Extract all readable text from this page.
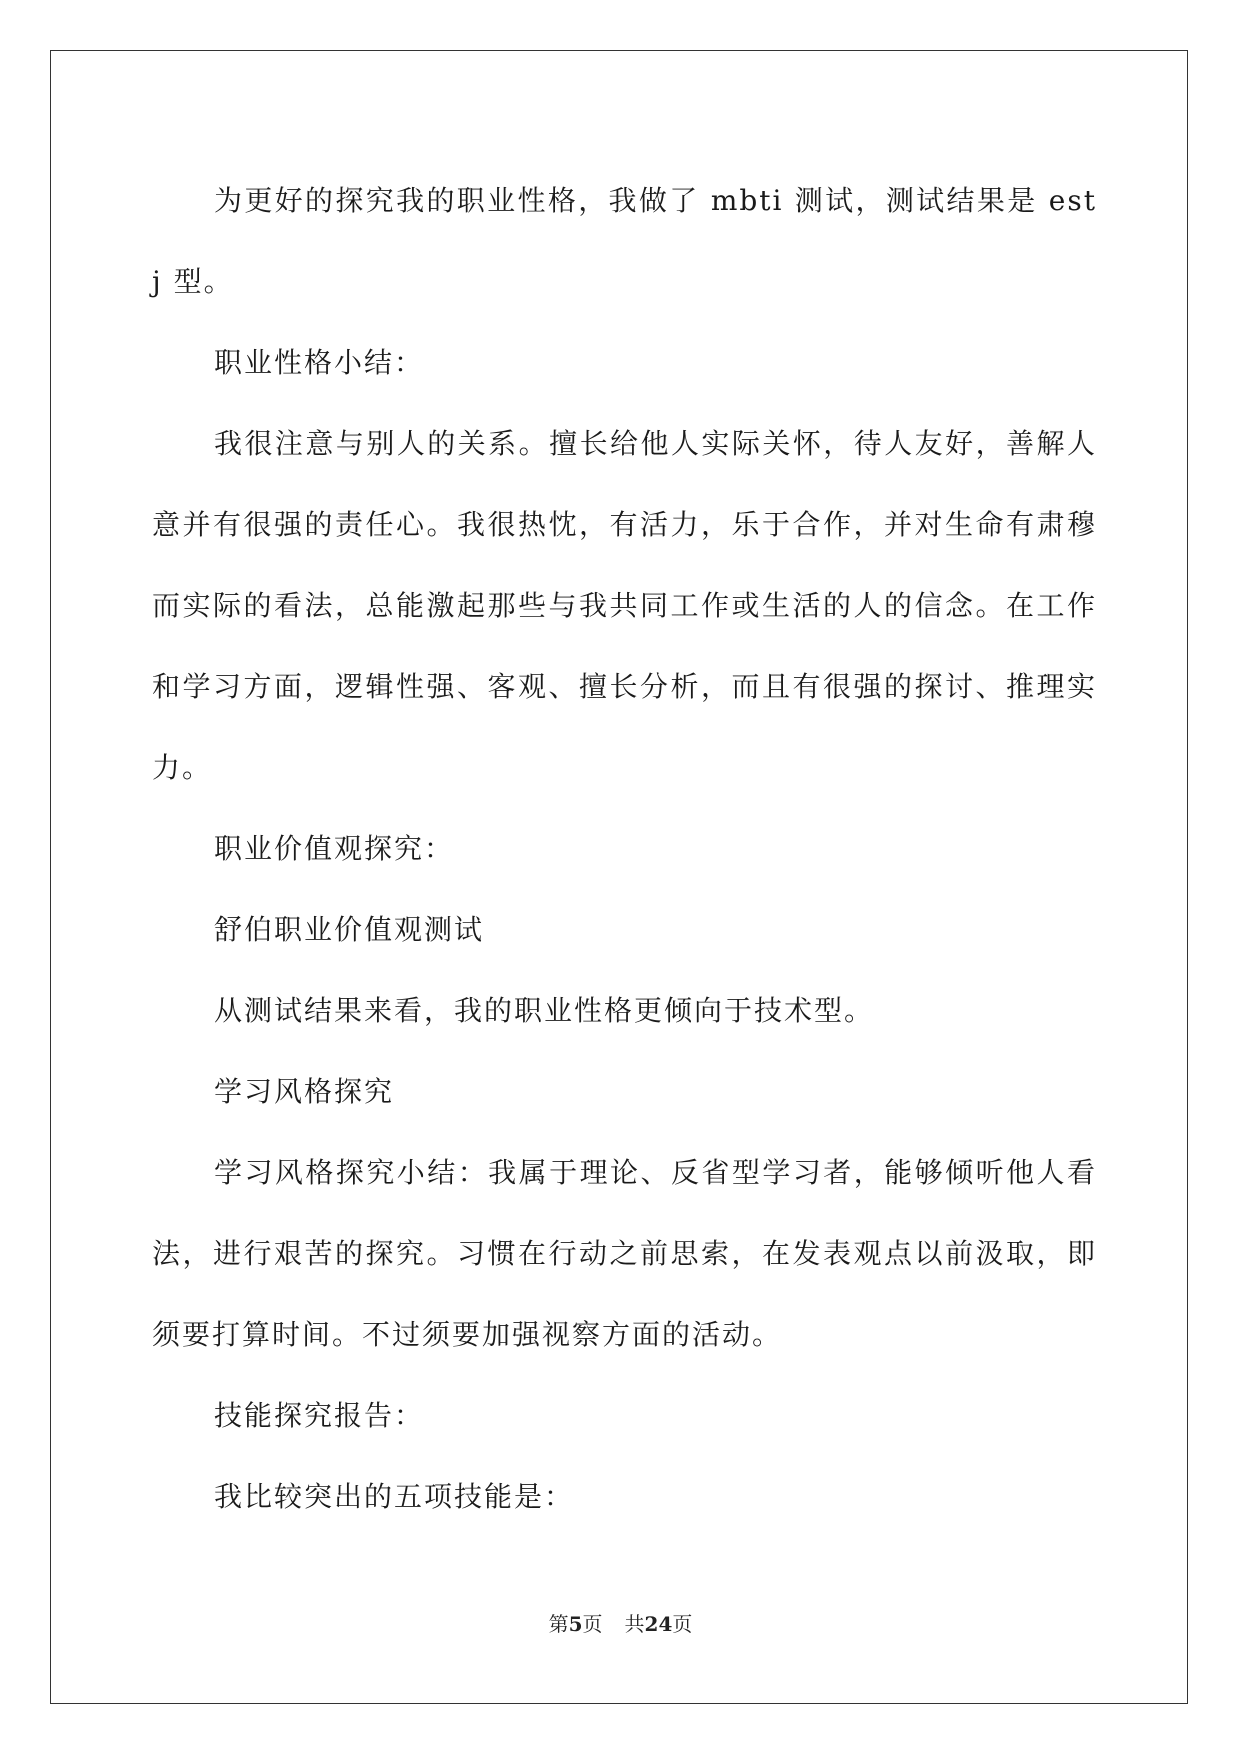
为更好的探究我的职业性格，我做了 mbti 测试，测试结果是 estj 型。

职业性格小结：

我很注意与别人的关系。擅长给他人实际关怀，待人友好，善解人意并有很强的责任心。我很热忱，有活力，乐于合作，并对生命有肃穆而实际的看法，总能激起那些与我共同工作或生活的人的信念。在工作和学习方面，逻辑性强、客观、擅长分析，而且有很强的探讨、推理实力。

职业价值观探究：

舒伯职业价值观测试

从测试结果来看，我的职业性格更倾向于技术型。

学习风格探究

学习风格探究小结：我属于理论、反省型学习者，能够倾听他人看法，进行艰苦的探究。习惯在行动之前思索，在发表观点以前汲取，即须要打算时间。不过须要加强视察方面的活动。

技能探究报告：

我比较突出的五项技能是：

第5页 共24页
